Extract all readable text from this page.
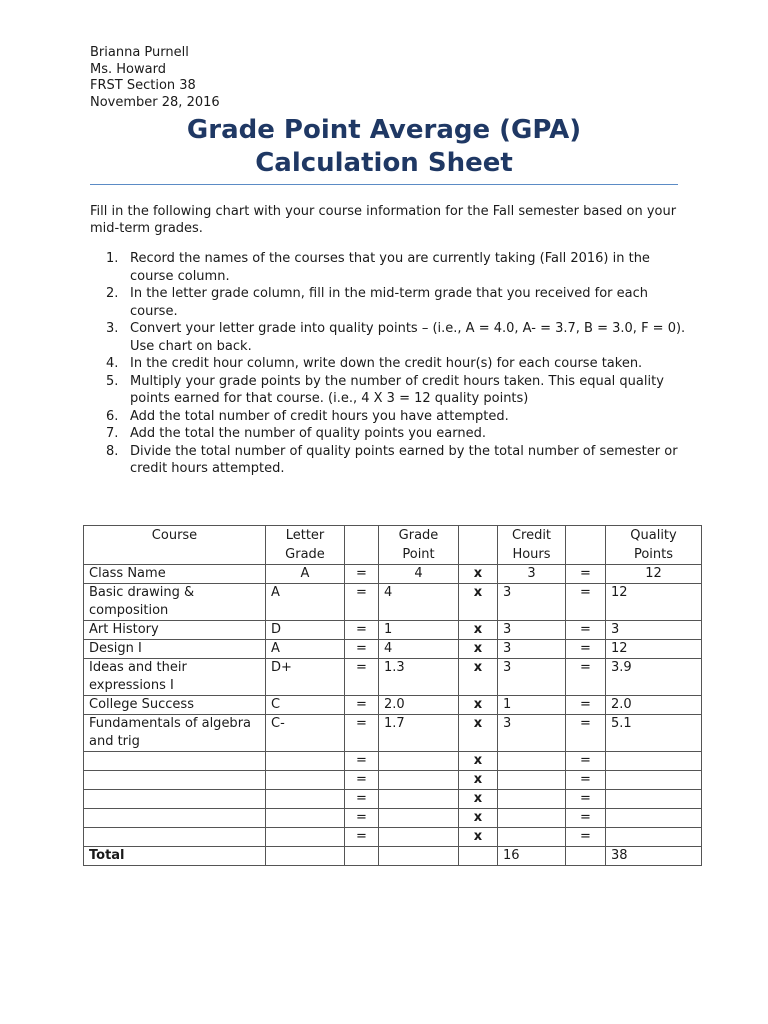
Brianna Purnell
Ms. Howard
FRST Section 38
November 28, 2016
Grade Point Average (GPA)
Calculation Sheet
Fill in the following chart with your course information for the Fall semester based on your mid-term grades.
1. Record the names of the courses that you are currently taking (Fall 2016) in the course column.
2. In the letter grade column, fill in the mid-term grade that you received for each course.
3. Convert your letter grade into quality points – (i.e., A = 4.0, A- = 3.7, B = 3.0, F = 0). Use chart on back.
4. In the credit hour column, write down the credit hour(s) for each course taken.
5. Multiply your grade points by the number of credit hours taken. This equal quality points earned for that course. (i.e., 4 X 3 = 12 quality points)
6. Add the total number of credit hours you have attempted.
7. Add the total the number of quality points you earned.
8. Divide the total number of quality points earned by the total number of semester or credit hours attempted.
Course	Letter Grade		Grade Point		Credit Hours		Quality Points
Class Name	A	=	4	x	3	=	12
Basic drawing & composition	A	=	4	x	3	=	12
Art History	D	=	1	x	3	=	3
Design I	A	=	4	x	3	=	12
Ideas and their expressions I	D+	=	1.3	x	3	=	3.9
College Success	C	=	2.0	x	1	=	2.0
Fundamentals of algebra and trig	C-	=	1.7	x	3	=	5.1
		=		x		=	
		=		x		=	
		=		x		=	
		=		x		=	
		=		x		=	
Total					16		38
